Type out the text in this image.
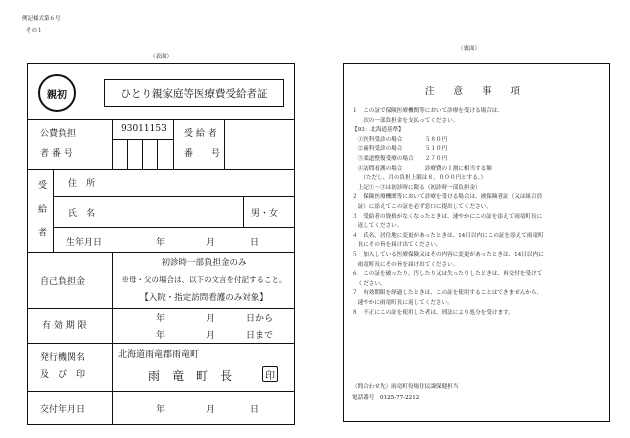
例記様式第６号
その１
（表面）
（裏面）
親初	ひとり親家庭等医療費受給者証
公費負担
者 番 号
93011153 受 給 者
番　　号
受 給 者 住　所
氏　名	男・女
生年月日	年	月	日
自己負担金
初診時一部負担金のみ
※母・父の場合は、以下の文言を付記すること。
【入院・指定訪問看護のみ対象】
有 効 期 限
年	月	日から
年	月	日まで
発行機関名
及　び　印
北海道雨竜郡雨竜町
雨　竜　町　長	印
交付年月日	年	月	日
注 意 事 項
１　この証で保険医療機関等において診療を受ける場合は、
　　次の一部負担金を支払ってください。
【93：北海道基準】
　①医科受診の場合　　　　５８０円
　②歯科受診の場合　　　　５１０円
　③柔道整復受療の場合　　２７０円
　④訪問看護の場合　　　　診療費の１割に相当する額
　　（ただし、月の負担上限は８，０００円とする。）
　上記①～③は初診時に限る（初診時一部負担金）
２　保険医療機関等において診療を受ける場合は、被保険者証（又は組合員
　証）に添えてこの証を必ず窓口に提出してください。
３　受給者の資格がなくなったときは、速やかにこの証を添えて雨竜町長に
　返してください。
４　氏名、居住地に変更があったときは、14日以内にこの証を添えて雨竜町
　長にその旨を届け出てください。
５　加入している医療保険又はその内容に変更があったときは、14日以内に
　雨竜町長にその旨を届け出てください。
６　この証を破ったり、汚したり又は失ったりしたときは、再交付を受けて
　ください。
７　有効期限を経過したときは、この証を使用することはできませんから、
　速やかに雨竜町長に返してください。
８　不正にこの証を使用した者は、刑法により処分を受けます。
（問合わせ先）雨竜町役場住民課保健担当
電話番号　0125-77-2212
